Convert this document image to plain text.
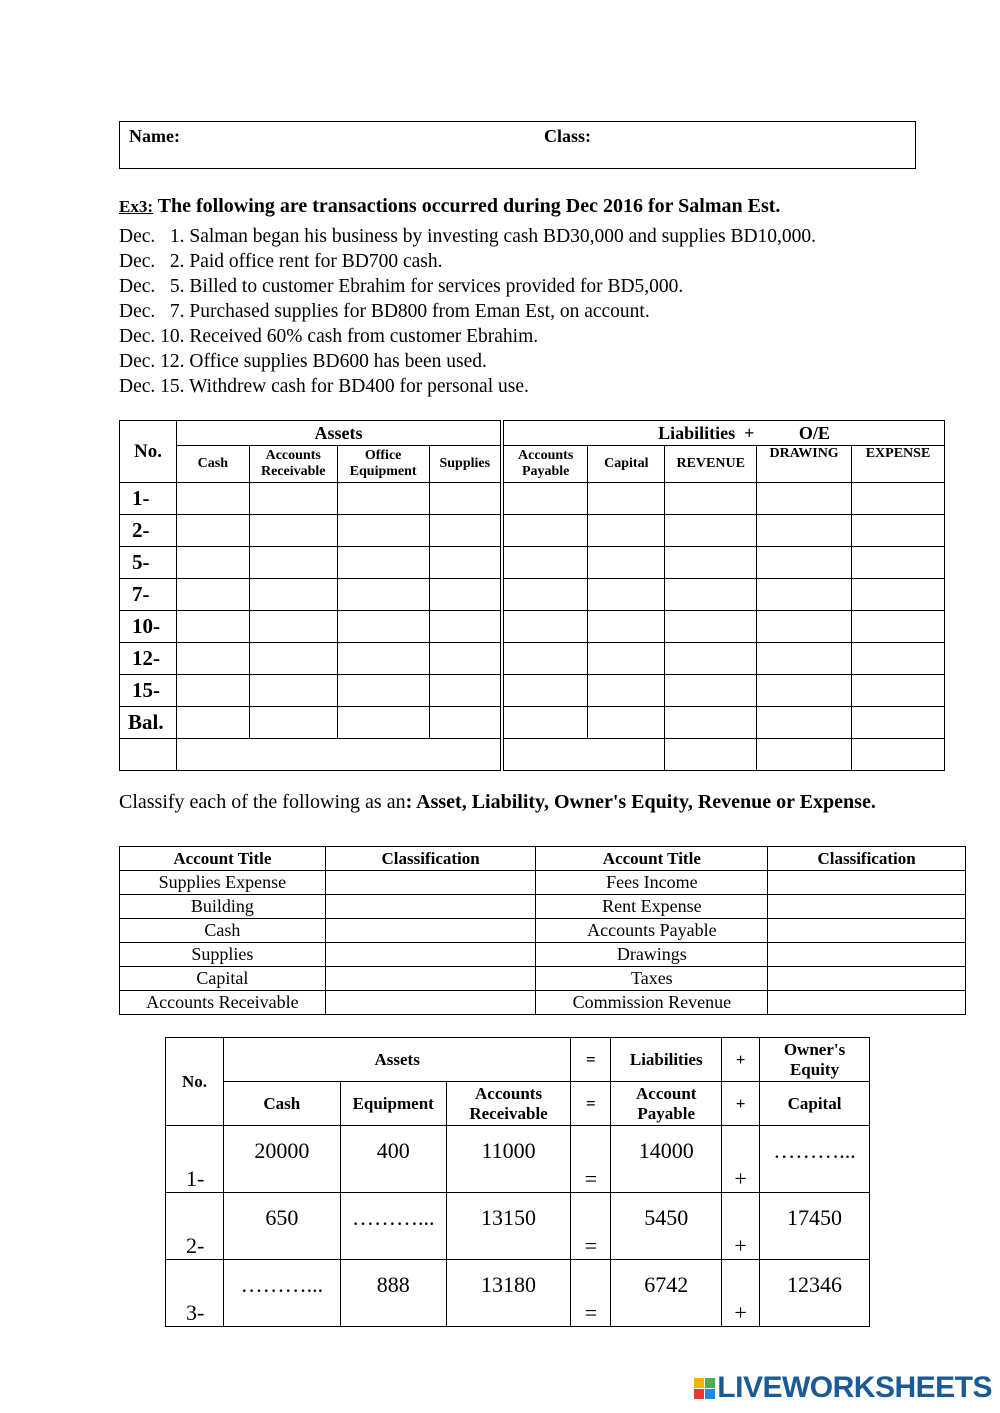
Name:	Class:
Ex3: The following are transactions occurred during Dec 2016 for Salman Est.
Dec.   1. Salman began his business by investing cash BD30,000 and supplies BD10,000.
Dec.   2. Paid office rent for BD700 cash.
Dec.   5. Billed to customer Ebrahim for services provided for BD5,000.
Dec.   7. Purchased supplies for BD800 from Eman Est, on account.
Dec. 10. Received 60% cash from customer Ebrahim.
Dec. 12. Office supplies BD600 has been used.
Dec. 15. Withdrew cash for BD400 for personal use.
No.	Assets				Liabilities  + O/E				
	Cash	Accounts Receivable	Office Equipment	Supplies	Accounts Payable	Capital	REVENUE	DRAWING	EXPENSE
1-									
2-									
5-									
7-									
10-									
12-									
15-									
Bal.									

Classify each of the following as an: Asset, Liability, Owner's Equity, Revenue or Expense.
Account Title	Classification	Account Title	Classification
Supplies Expense		Fees Income	
Building		Rent Expense	
Cash		Accounts Payable	
Supplies		Drawings	
Capital		Taxes	
Accounts Receivable		Commission Revenue	
No.	Assets			=	Liabilities	+	Owner's Equity
	Cash	Equipment	Accounts Receivable	=	Account Payable	+	Capital
1-	20000	400	11000	=	14000	+	………...
2-	650	………...	13150	=	5450	+	17450
3-	………...	888	13180	=	6742	+	12346
LIVEWORKSHEETS
